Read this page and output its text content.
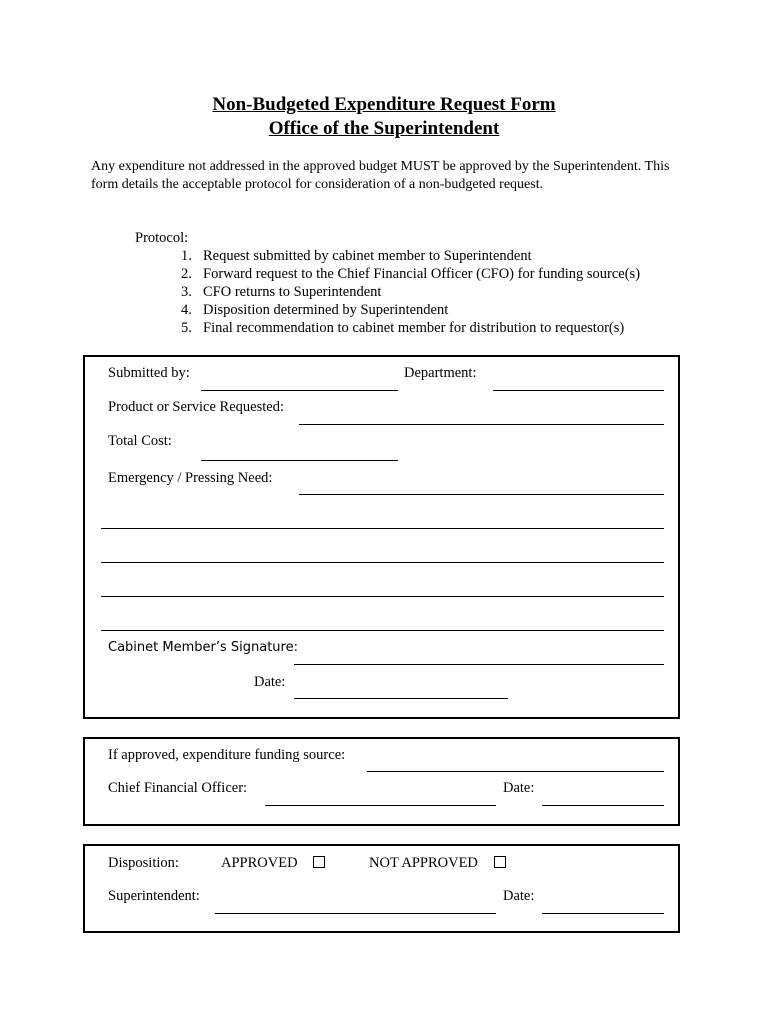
Non-Budgeted Expenditure Request Form
Office of the Superintendent
Any expenditure not addressed in the approved budget MUST be approved by the Superintendent. This form details the acceptable protocol for consideration of a non-budgeted request.
Protocol:
1. Request submitted by cabinet member to Superintendent
2. Forward request to the Chief Financial Officer (CFO) for funding source(s)
3. CFO returns to Superintendent
4. Disposition determined by Superintendent
5. Final recommendation to cabinet member for distribution to requestor(s)
Submitted by:	Department:
Product or Service Requested:
Total Cost:
Emergency / Pressing Need:
Cabinet Member’s Signature:
Date:
If approved, expenditure funding source:
Chief Financial Officer:	Date:
Disposition:	APPROVED	NOT APPROVED
Superintendent:	Date:
